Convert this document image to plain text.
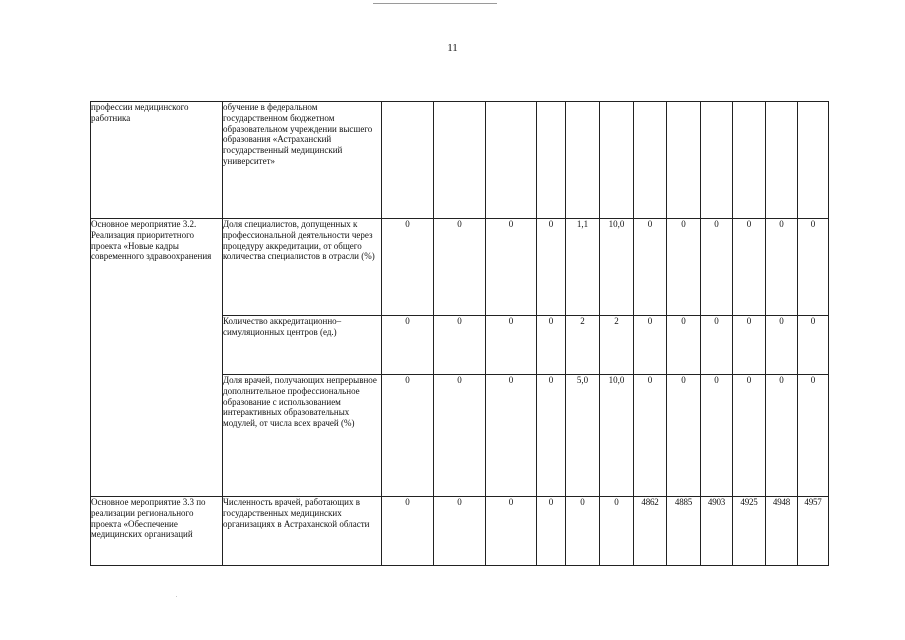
11
профессии медицинского работника	обучение в федеральном государственном бюджетном образовательном учреждении высшего образования «Астраханский государственный медицинский университет»												
Основное мероприятие 3.2. Реализация приоритетного проекта «Новые кадры современного здравоохранения	Доля специалистов, допущенных к профессиональной деятельности через процедуру аккредитации, от общего количества специалистов в отрасли (%)	0	0	0	0	1,1	10,0	0	0	0	0	0	0
	Количество аккредитационно– симуляционных центров (ед.)	0	0	0	0	2	2	0	0	0	0	0	0
	Доля врачей, получающих непрерывное дополнительное профессиональное образование с использованием интерактивных образовательных модулей, от числа всех врачей (%)	0	0	0	0	5,0	10,0	0	0	0	0	0	0
Основное мероприятие 3.3 по реализации регионального проекта «Обеспечение медицинских организаций	Численность врачей, работающих в государственных медицинских организациях в Астраханской области	0	0	0	0	0	0	4862	4885	4903	4925	4948	4957
